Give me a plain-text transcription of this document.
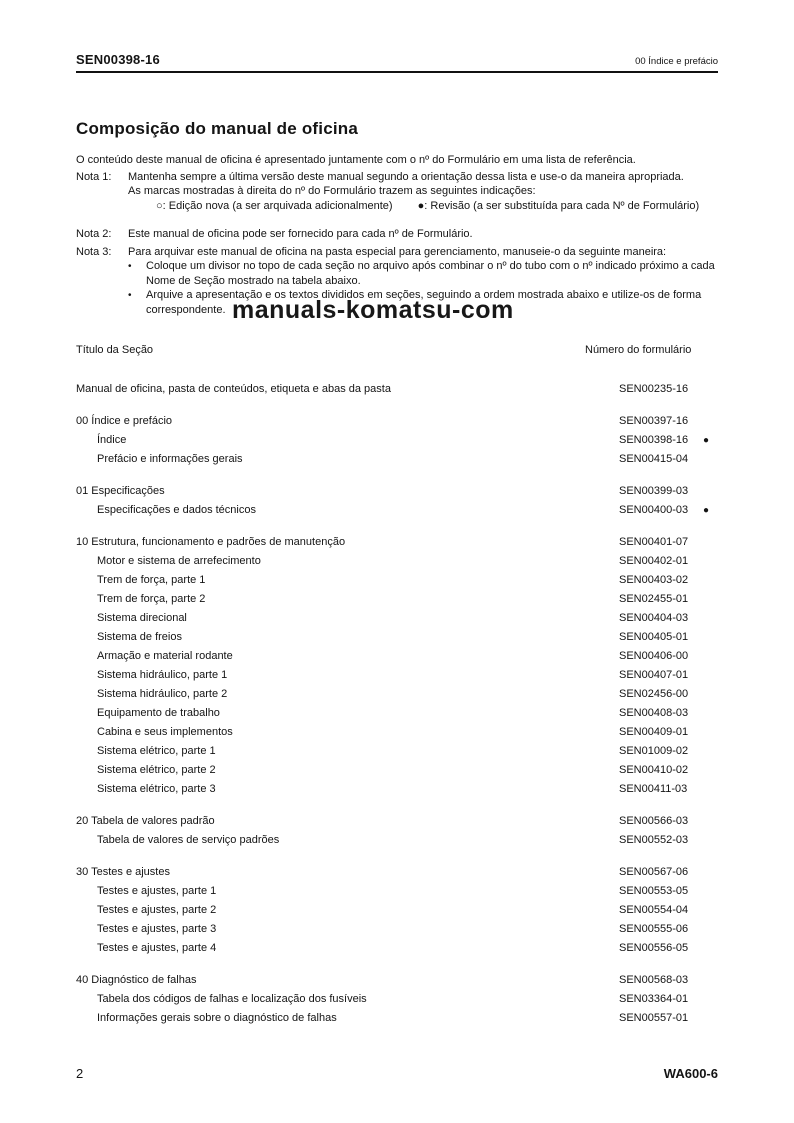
SEN00398-16	00 Índice e prefácio
Composição do manual de oficina

O conteúdo deste manual de oficina é apresentado juntamente com o nº do Formulário em uma lista de referência.

Nota 1:	Mantenha sempre a última versão deste manual segundo a orientação dessa lista e use-o da maneira apropriada.
As marcas mostradas à direita do nº do Formulário trazem as seguintes indicações:
○: Edição nova (a ser arquivada adicionalmente) ●: Revisão (a ser substituída para cada Nº de Formulário)
Nota 2:	Este manual de oficina pode ser fornecido para cada nº de Formulário.
Nota 3:	Para arquivar este manual de oficina na pasta especial para gerenciamento, manuseie-o da seguinte maneira:
•	Coloque um divisor no topo de cada seção no arquivo após combinar o nº do tubo com o nº indicado próximo a cada Nome de Seção mostrado na tabela abaixo.
•	Arquive a apresentação e os textos divididos em seções, seguindo a ordem mostrada abaixo e utilize-os de forma correspondente. manuals-komatsu-com
Título da Seção	Número do formulário
Manual de oficina, pasta de conteúdos, etiqueta e abas da pasta	SEN00235-16
00 Índice e prefácio	SEN00397-16
Índice	SEN00398-16	●
Prefácio e informações gerais	SEN00415-04
01 Especificações	SEN00399-03
Especificações e dados técnicos	SEN00400-03	●
10 Estrutura, funcionamento e padrões de manutenção	SEN00401-07
Motor e sistema de arrefecimento	SEN00402-01
Trem de força, parte 1	SEN00403-02
Trem de força, parte 2	SEN02455-01
Sistema direcional	SEN00404-03
Sistema de freios	SEN00405-01
Armação e material rodante	SEN00406-00
Sistema hidráulico, parte 1	SEN00407-01
Sistema hidráulico, parte 2	SEN02456-00
Equipamento de trabalho	SEN00408-03
Cabina e seus implementos	SEN00409-01
Sistema elétrico, parte 1	SEN01009-02
Sistema elétrico, parte 2	SEN00410-02
Sistema elétrico, parte 3	SEN00411-03
20 Tabela de valores padrão	SEN00566-03
Tabela de valores de serviço padrões	SEN00552-03
30 Testes e ajustes	SEN00567-06
Testes e ajustes, parte 1	SEN00553-05
Testes e ajustes, parte 2	SEN00554-04
Testes e ajustes, parte 3	SEN00555-06
Testes e ajustes, parte 4	SEN00556-05
40 Diagnóstico de falhas	SEN00568-03
Tabela dos códigos de falhas e localização dos fusíveis	SEN03364-01
Informações gerais sobre o diagnóstico de falhas	SEN00557-01
2	WA600-6
